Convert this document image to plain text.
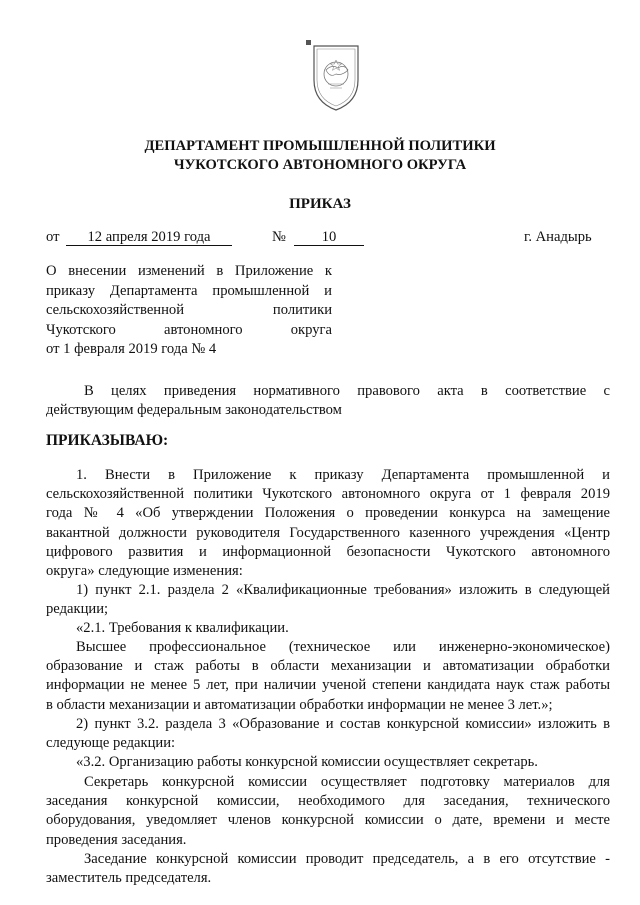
ДЕПАРТАМЕНТ ПРОМЫШЛЕННОЙ ПОЛИТИКИ
ЧУКОТСКОГО АВТОНОМНОГО ОКРУГА
ПРИКАЗ
от	12 апреля 2019 года	№	10	г. Анадырь
О внесении изменений в Приложение к
приказу Департамента промышленной и
сельскохозяйственной политики
Чукотского автономного округа
от 1 февраля 2019 года № 4
В целях приведения нормативного правового акта в соответствие с
действующим федеральным законодательством
ПРИКАЗЫВАЮ:
1. Внести в Приложение к приказу Департамента промышленной и
сельскохозяйственной политики Чукотского автономного округа от 1 февраля 2019
года № 4 «Об утверждении Положения о проведении конкурса на замещение
вакантной должности руководителя Государственного казенного учреждения «Центр
цифрового развития и информационной безопасности Чукотского автономного
округа» следующие изменения:
1) пункт 2.1. раздела 2 «Квалификационные требования» изложить в следующей
редакции;
«2.1. Требования к квалификации.
Высшее профессиональное (техническое или инженерно-экономическое)
образование и стаж работы в области механизации и автоматизации обработки
информации не менее 5 лет, при наличии ученой степени кандидата наук стаж работы
в области механизации и автоматизации обработки информации не менее 3 лет.»;
2) пункт 3.2. раздела 3 «Образование и состав конкурсной комиссии» изложить в
следующе редакции:
«3.2. Организацию работы конкурсной комиссии осуществляет секретарь.
Секретарь конкурсной комиссии осуществляет подготовку материалов для
заседания конкурсной комиссии, необходимого для заседания, технического
оборудования, уведомляет членов конкурсной комиссии о дате, времени и месте
проведения заседания.
Заседание конкурсной комиссии проводит председатель, а в его отсутствие -
заместитель председателя.
